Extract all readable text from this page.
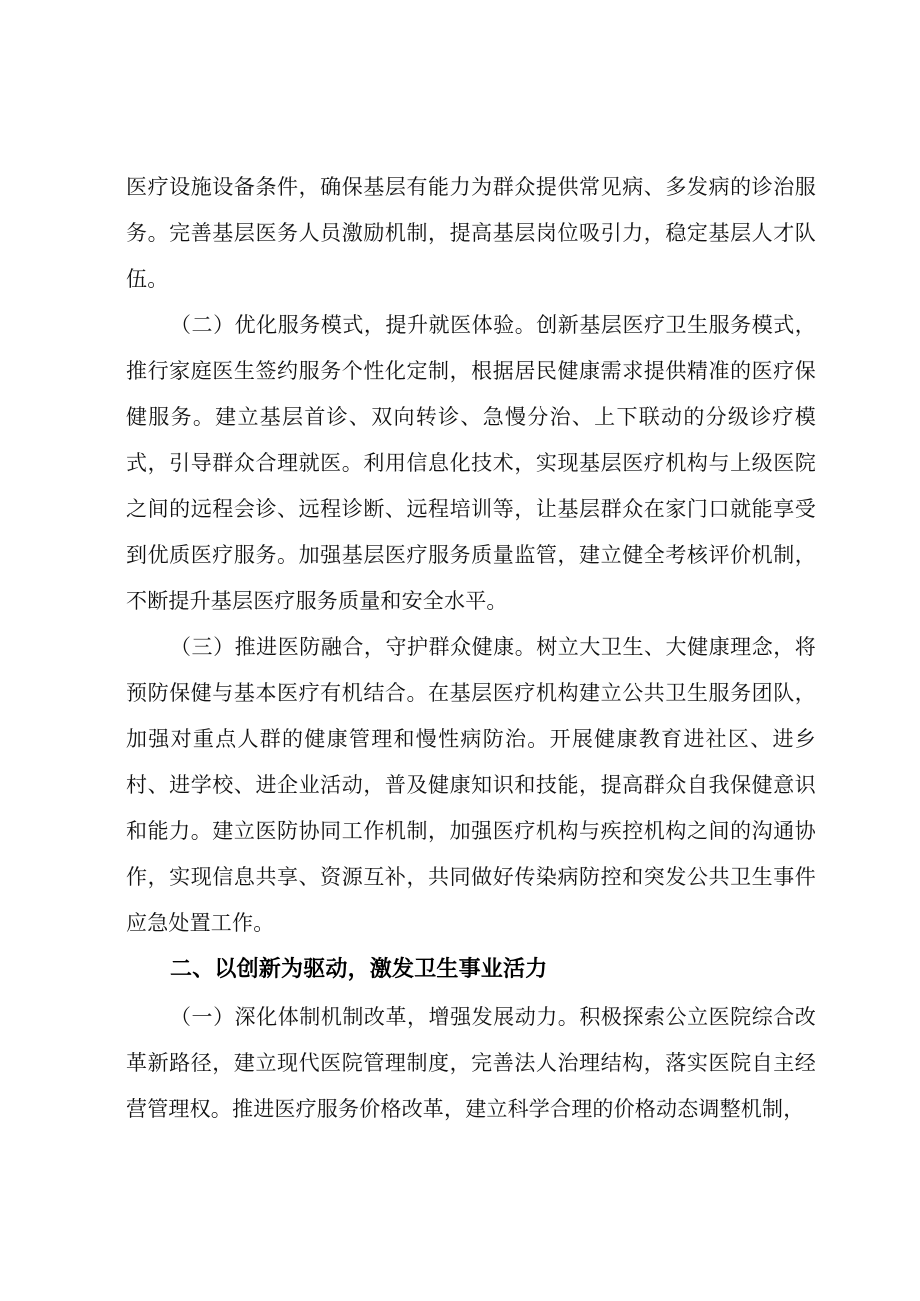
医疗设施设备条件，确保基层有能力为群众提供常见病、多发病的诊治服务。完善基层医务人员激励机制，提高基层岗位吸引力，稳定基层人才队伍。

（二）优化服务模式，提升就医体验。创新基层医疗卫生服务模式，推行家庭医生签约服务个性化定制，根据居民健康需求提供精准的医疗保健服务。建立基层首诊、双向转诊、急慢分治、上下联动的分级诊疗模式，引导群众合理就医。利用信息化技术，实现基层医疗机构与上级医院之间的远程会诊、远程诊断、远程培训等，让基层群众在家门口就能享受到优质医疗服务。加强基层医疗服务质量监管，建立健全考核评价机制，不断提升基层医疗服务质量和安全水平。

（三）推进医防融合，守护群众健康。树立大卫生、大健康理念，将预防保健与基本医疗有机结合。在基层医疗机构建立公共卫生服务团队，加强对重点人群的健康管理和慢性病防治。开展健康教育进社区、进乡村、进学校、进企业活动，普及健康知识和技能，提高群众自我保健意识和能力。建立医防协同工作机制，加强医疗机构与疾控机构之间的沟通协作，实现信息共享、资源互补，共同做好传染病防控和突发公共卫生事件应急处置工作。

二、以创新为驱动，激发卫生事业活力

（一）深化体制机制改革，增强发展动力。积极探索公立医院综合改革新路径，建立现代医院管理制度，完善法人治理结构，落实医院自主经营管理权。推进医疗服务价格改革，建立科学合理的价格动态调整机制，
